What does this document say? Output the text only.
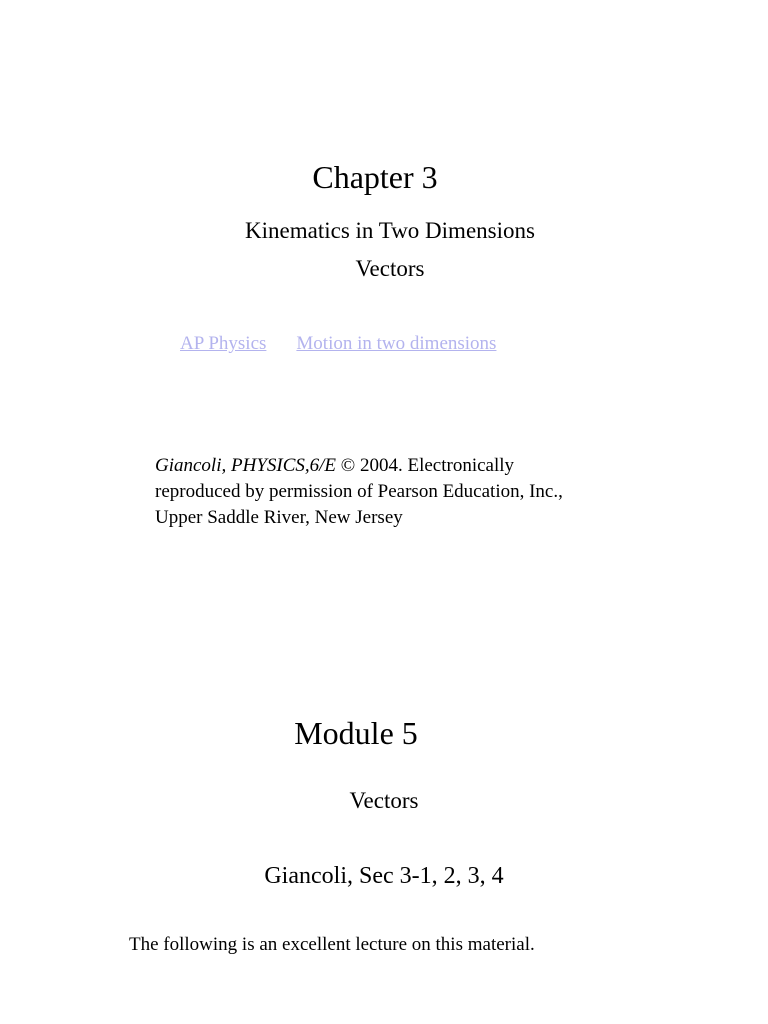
Chapter 3
Kinematics in Two Dimensions
Vectors
AP Physics Motion in two dimensions
Giancoli, PHYSICS,6/E © 2004. Electronically
reproduced by permission of Pearson Education, Inc.,
Upper Saddle River, New Jersey
Module 5
Vectors
Giancoli, Sec 3-1, 2, 3, 4
The following is an excellent lecture on this material.
